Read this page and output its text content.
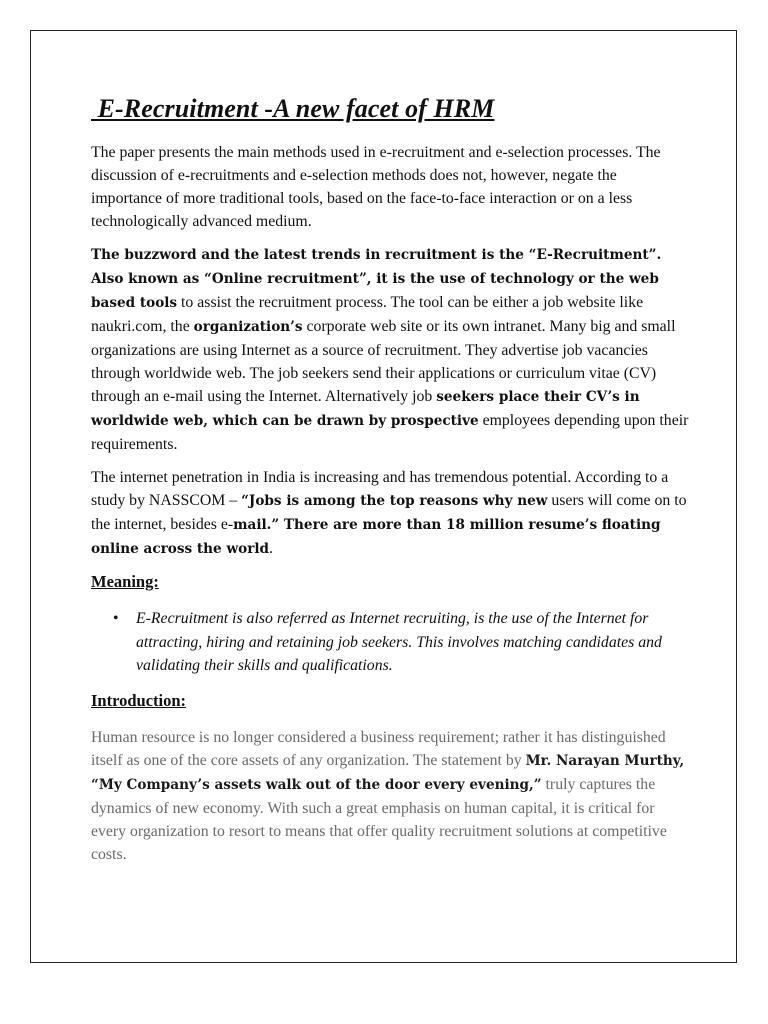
E-Recruitment -A new facet of HRM

The paper presents the main methods used in e-recruitment and e-selection processes. The discussion of e-recruitments and e-selection methods does not, however, negate the importance of more traditional tools, based on the face-to-face interaction or on a less technologically advanced medium.

The buzzword and the latest trends in recruitment is the “E-Recruitment”. Also known as “Online recruitment”, it is the use of technology or the web based tools to assist the recruitment process. The tool can be either a job website like naukri.com, the organization’s corporate web site or its own intranet. Many big and small organizations are using Internet as a source of recruitment. They advertise job vacancies through worldwide web. The job seekers send their applications or curriculum vitae (CV) through an e-mail using the Internet. Alternatively job seekers place their CV’s in worldwide web, which can be drawn by prospective employees depending upon their requirements.

The internet penetration in India is increasing and has tremendous potential. According to a study by NASSCOM – “Jobs is among the top reasons why new users will come on to the internet, besides e-mail.” There are more than 18 million resume’s floating online across the world.

Meaning:
• E-Recruitment is also referred as Internet recruiting, is the use of the Internet for attracting, hiring and retaining job seekers. This involves matching candidates and validating their skills and qualifications.
Introduction:

Human resource is no longer considered a business requirement; rather it has distinguished itself as one of the core assets of any organization. The statement by Mr. Narayan Murthy, “My Company’s assets walk out of the door every evening,” truly captures the dynamics of new economy. With such a great emphasis on human capital, it is critical for every organization to resort to means that offer quality recruitment solutions at competitive costs.
